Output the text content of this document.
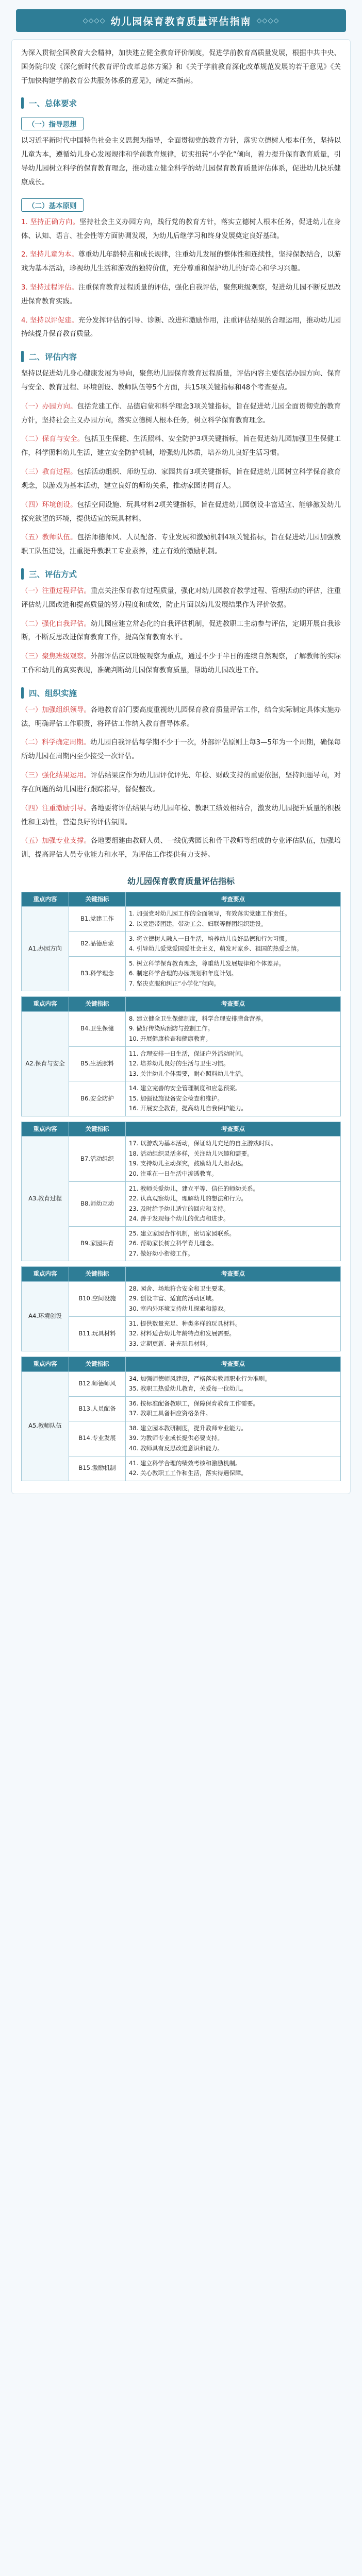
◇◇◇◇ 幼儿园保育教育质量评估指南 ◇◇◇◇

为深入贯彻全国教育大会精神，加快建立健全教育评价制度，促进学前教育高质量发展，根据中共中央、国务院印发《深化新时代教育评价改革总体方案》和《关于学前教育深化改革规范发展的若干意见》《关于加快构建学前教育公共服务体系的意见》，制定本指南。

一、总体要求
（一）指导思想

以习近平新时代中国特色社会主义思想为指导，全面贯彻党的教育方针，落实立德树人根本任务，坚持以儿童为本，遵循幼儿身心发展规律和学前教育规律，切实扭转“小学化”倾向，着力提升保育教育质量，引导幼儿园树立科学的保育教育理念，推动建立健全科学的幼儿园保育教育质量评估体系，促进幼儿快乐健康成长。

（二）基本原则

1. 坚持正确方向。坚持社会主义办园方向，践行党的教育方针，落实立德树人根本任务，促进幼儿在身体、认知、语言、社会性等方面协调发展，为幼儿后继学习和终身发展奠定良好基础。

2. 坚持儿童为本。尊重幼儿年龄特点和成长规律，注重幼儿发展的整体性和连续性，坚持保教结合，以游戏为基本活动，珍视幼儿生活和游戏的独特价值，充分尊重和保护幼儿的好奇心和学习兴趣。

3. 坚持过程评估。注重保育教育过程质量的评估，强化自我评估，聚焦班级观察，促进幼儿园不断反思改进保育教育实践。

4. 坚持以评促建。充分发挥评估的引导、诊断、改进和激励作用，注重评估结果的合理运用，推动幼儿园持续提升保育教育质量。

二、评估内容

坚持以促进幼儿身心健康发展为导向，聚焦幼儿园保育教育过程质量，评估内容主要包括办园方向、保育与安全、教育过程、环境创设、教师队伍等5个方面，共15项关键指标和48个考查要点。

（一）办园方向。包括党建工作、品德启蒙和科学理念3项关键指标，旨在促进幼儿园全面贯彻党的教育方针，坚持社会主义办园方向，落实立德树人根本任务，树立科学保育教育理念。

（二）保育与安全。包括卫生保健、生活照料、安全防护3项关键指标，旨在促进幼儿园加强卫生保健工作，科学照料幼儿生活，建立安全防护机制，增强幼儿体质，培养幼儿良好生活习惯。

（三）教育过程。包括活动组织、师幼互动、家园共育3项关键指标，旨在促进幼儿园树立科学保育教育观念，以游戏为基本活动，建立良好的师幼关系，推动家园协同育人。

（四）环境创设。包括空间设施、玩具材料2项关键指标，旨在促进幼儿园创设丰富适宜、能够激发幼儿探究欲望的环境，提供适宜的玩具材料。

（五）教师队伍。包括师德师风、人员配备、专业发展和激励机制4项关键指标，旨在促进幼儿园加强教职工队伍建设，注重提升教职工专业素养，建立有效的激励机制。

三、评估方式

（一）注重过程评估。重点关注保育教育过程质量，强化对幼儿园教育教学过程、管理活动的评估，注重评估幼儿园改进和提高质量的努力程度和成效，防止片面以幼儿发展结果作为评价依据。

（二）强化自我评估。幼儿园应建立常态化的自我评估机制，促进教职工主动参与评估，定期开展自我诊断，不断反思改进保育教育工作，提高保育教育水平。

（三）聚焦班级观察。外部评估应以班级观察为重点，通过不少于半日的连续自然观察，了解教师的实际工作和幼儿的真实表现，准确判断幼儿园保育教育质量，帮助幼儿园改进工作。

四、组织实施

（一）加强组织领导。各地教育部门要高度重视幼儿园保育教育质量评估工作，结合实际制定具体实施办法，明确评估工作职责，将评估工作纳入教育督导体系。

（二）科学确定周期。幼儿园自我评估每学期不少于一次，外部评估原则上每3—5年为一个周期，确保每所幼儿园在周期内至少接受一次评估。

（三）强化结果运用。评估结果应作为幼儿园评优评先、年检、财政支持的重要依据，坚持问题导向，对存在问题的幼儿园进行跟踪指导，督促整改。

（四）注重激励引导。各地要将评估结果与幼儿园年检、教职工绩效相结合，激发幼儿园提升质量的积极性和主动性，营造良好的评估氛围。

（五）加强专业支撑。各地要组建由教研人员、一线优秀园长和骨干教师等组成的专业评估队伍，加强培训，提高评估人员专业能力和水平，为评估工作提供有力支持。

幼儿园保育教育质量评估指标
重点内容	关键指标	考查要点
A1.办园方向	B1.党建工作	1. 加强党对幼儿园工作的全面领导，有效落实党建工作责任。
2. 以党建带团建，带动工会、妇联等群团组织建设。

	B2.品德启蒙	3. 将立德树人融入一日生活，培养幼儿良好品德和行为习惯。
4. 引导幼儿爱党爱国爱社会主义，萌发对家乡、祖国的热爱之情。

	B3.科学理念	5. 树立科学保育教育理念，尊重幼儿发展规律和个体差异。
6. 制定科学合理的办园规划和年度计划。
7. 坚决克服和纠正“小学化”倾向。
重点内容	关键指标	考查要点
A2.保育与安全	B4.卫生保健	8. 建立健全卫生保健制度，科学合理安排膳食营养。
9. 做好传染病预防与控制工作。
10. 开展健康检查和健康教育。

	B5.生活照料	11. 合理安排一日生活，保证户外活动时间。
12. 培养幼儿良好的生活与卫生习惯。
13. 关注幼儿个体需要，耐心照料幼儿生活。

	B6.安全防护	14. 建立完善的安全管理制度和应急预案。
15. 加强设施设备安全检查和维护。
16. 开展安全教育，提高幼儿自我保护能力。
重点内容	关键指标	考查要点
A3.教育过程	B7.活动组织	17. 以游戏为基本活动，保证幼儿充足的自主游戏时间。
18. 活动组织灵活多样，关注幼儿兴趣和需要。
19. 支持幼儿主动探究，鼓励幼儿大胆表达。
20. 注重在一日生活中渗透教育。

	B8.师幼互动	21. 教师关爱幼儿，建立平等、信任的师幼关系。
22. 认真观察幼儿，理解幼儿的想法和行为。
23. 及时给予幼儿适宜的回应和支持。
24. 善于发现每个幼儿的优点和进步。

	B9.家园共育	25. 建立家园合作机制，密切家园联系。
26. 帮助家长树立科学育儿理念。
27. 做好幼小衔接工作。
重点内容	关键指标	考查要点
A4.环境创设	B10.空间设施	28. 园舍、场地符合安全和卫生要求。
29. 创设丰富、适宜的活动区域。
30. 室内外环境支持幼儿探索和游戏。

	B11.玩具材料	31. 提供数量充足、种类多样的玩具材料。
32. 材料适合幼儿年龄特点和发展需要。
33. 定期更新、补充玩具材料。
重点内容	关键指标	考查要点
A5.教师队伍	B12.师德师风	34. 加强师德师风建设，严格落实教师职业行为准则。
35. 教职工热爱幼儿教育，关爱每一位幼儿。

	B13.人员配备	36. 按标准配备教职工，保障保育教育工作需要。
37. 教职工具备相应资格条件。

	B14.专业发展	38. 建立园本教研制度，提升教师专业能力。
39. 为教师专业成长提供必要支持。
40. 教师具有反思改进意识和能力。

	B15.激励机制	41. 建立科学合理的绩效考核和激励机制。
42. 关心教职工工作和生活，落实待遇保障。
